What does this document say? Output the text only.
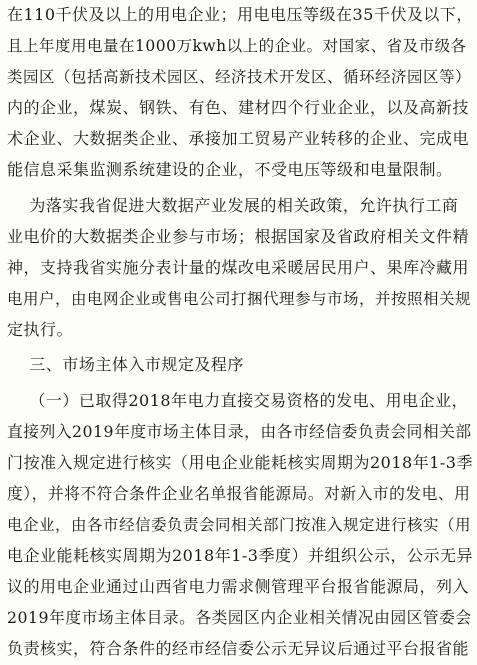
在110千伏及以上的用电企业；用电电压等级在35千伏及以下，
且上年度用电量在1000万kwh以上的企业。对国家、省及市级各
类园区（包括高新技术园区、经济技术开发区、循环经济园区等）
内的企业，煤炭、钢铁、有色、建材四个行业企业，以及高新技
术企业、大数据类企业、承接加工贸易产业转移的企业、完成电
能信息采集监测系统建设的企业，不受电压等级和电量限制。
为落实我省促进大数据产业发展的相关政策，允许执行工商
业电价的大数据类企业参与市场；根据国家及省政府相关文件精
神，支持我省实施分表计量的煤改电采暖居民用户、果库冷藏用
电用户，由电网企业或售电公司打捆代理参与市场，并按照相关规
定执行。
三、市场主体入市规定及程序
（一）已取得2018年电力直接交易资格的发电、用电企业，
直接列入2019年度市场主体目录，由各市经信委负责会同相关部
门按准入规定进行核实（用电企业能耗核实周期为2018年1-3季
度），并将不符合条件企业名单报省能源局。对新入市的发电、用
电企业，由各市经信委负责会同相关部门按准入规定进行核实（用
电企业能耗核实周期为2018年1-3季度）并组织公示，公示无异
议的用电企业通过山西省电力需求侧管理平台报省能源局，列入
2019年度市场主体目录。各类园区内企业相关情况由园区管委会
负责核实，符合条件的经市经信委公示无异议后通过平台报省能
